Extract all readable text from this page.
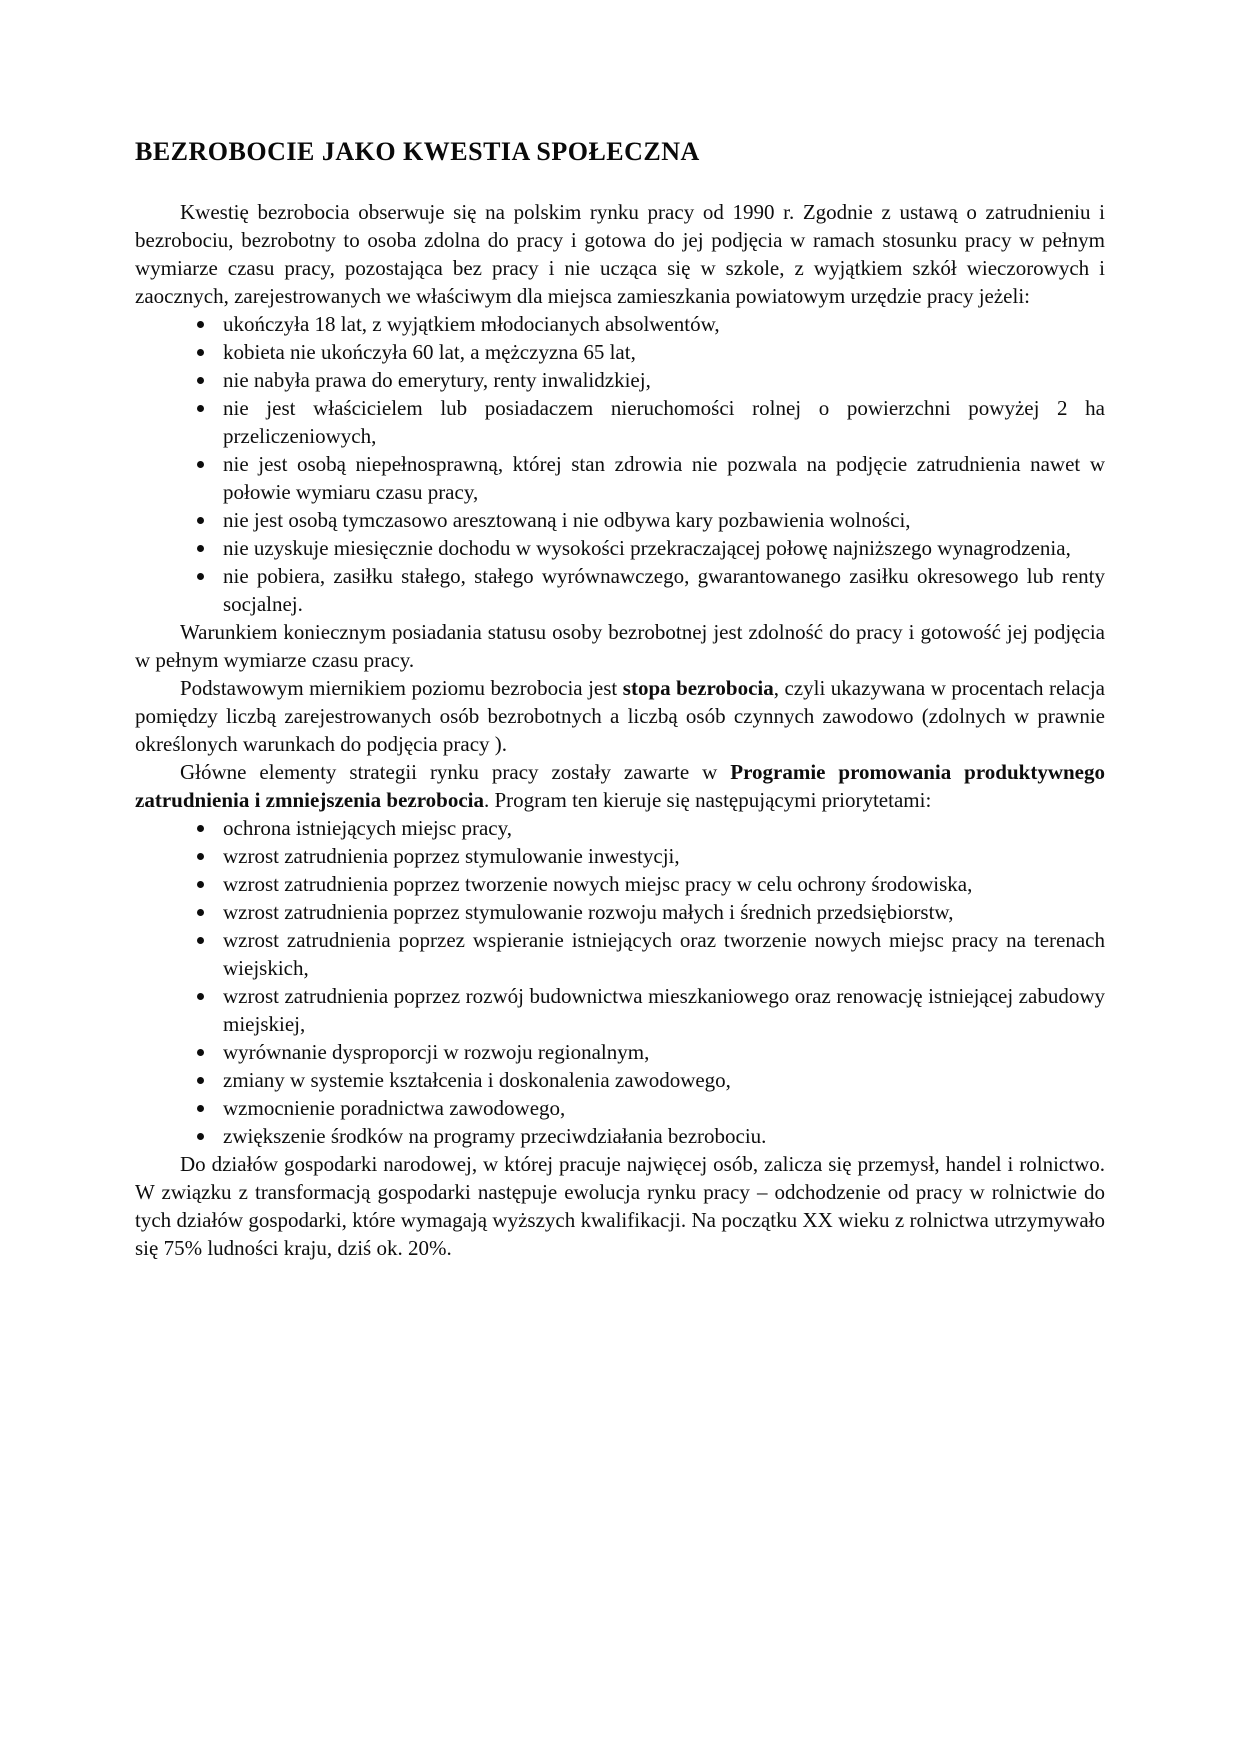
BEZROBOCIE JAKO KWESTIA SPOŁECZNA

Kwestię bezrobocia obserwuje się na polskim rynku pracy od 1990 r. Zgodnie z ustawą o zatrudnieniu i bezrobociu, bezrobotny to osoba zdolna do pracy i gotowa do jej podjęcia w ramach stosunku pracy w pełnym wymiarze czasu pracy, pozostająca bez pracy i nie ucząca się w szkole, z wyjątkiem szkół wieczorowych i zaocznych, zarejestrowanych we właściwym dla miejsca zamieszkania powiatowym urzędzie pracy jeżeli:

ukończyła 18 lat, z wyjątkiem młodocianych absolwentów,
kobieta nie ukończyła 60 lat, a mężczyzna 65 lat,
nie nabyła prawa do emerytury, renty inwalidzkiej,
nie jest właścicielem lub posiadaczem nieruchomości rolnej o powierzchni powyżej 2 ha przeliczeniowych,
nie jest osobą niepełnosprawną, której stan zdrowia nie pozwala na podjęcie zatrudnienia nawet w połowie wymiaru czasu pracy,
nie jest osobą tymczasowo aresztowaną i nie odbywa kary pozbawienia wolności,
nie uzyskuje miesięcznie dochodu w wysokości przekraczającej połowę najniższego wynagrodzenia,
nie pobiera, zasiłku stałego, stałego wyrównawczego, gwarantowanego zasiłku okresowego lub renty socjalnej.

Warunkiem koniecznym posiadania statusu osoby bezrobotnej jest zdolność do pracy i gotowość jej podjęcia w pełnym wymiarze czasu pracy.

Podstawowym miernikiem poziomu bezrobocia jest stopa bezrobocia, czyli ukazywana w procentach relacja pomiędzy liczbą zarejestrowanych osób bezrobotnych a liczbą osób czynnych zawodowo (zdolnych w prawnie określonych warunkach do podjęcia pracy ).

Główne elementy strategii rynku pracy zostały zawarte w Programie promowania produktywnego zatrudnienia i zmniejszenia bezrobocia. Program ten kieruje się następującymi priorytetami:

ochrona istniejących miejsc pracy,
wzrost zatrudnienia poprzez stymulowanie inwestycji,
wzrost zatrudnienia poprzez tworzenie nowych miejsc pracy w celu ochrony środowiska,
wzrost zatrudnienia poprzez stymulowanie rozwoju małych i średnich przedsiębiorstw,
wzrost zatrudnienia poprzez wspieranie istniejących oraz tworzenie nowych miejsc pracy na terenach wiejskich,
wzrost zatrudnienia poprzez rozwój budownictwa mieszkaniowego oraz renowację istniejącej zabudowy miejskiej,
wyrównanie dysproporcji w rozwoju regionalnym,
zmiany w systemie kształcenia i doskonalenia zawodowego,
wzmocnienie poradnictwa zawodowego,
zwiększenie środków na programy przeciwdziałania bezrobociu.

Do działów gospodarki narodowej, w której pracuje najwięcej osób, zalicza się przemysł, handel i rolnictwo. W związku z transformacją gospodarki następuje ewolucja rynku pracy – odchodzenie od pracy w rolnictwie do tych działów gospodarki, które wymagają wyższych kwalifikacji. Na początku XX wieku z rolnictwa utrzymywało się 75% ludności kraju, dziś ok. 20%.
